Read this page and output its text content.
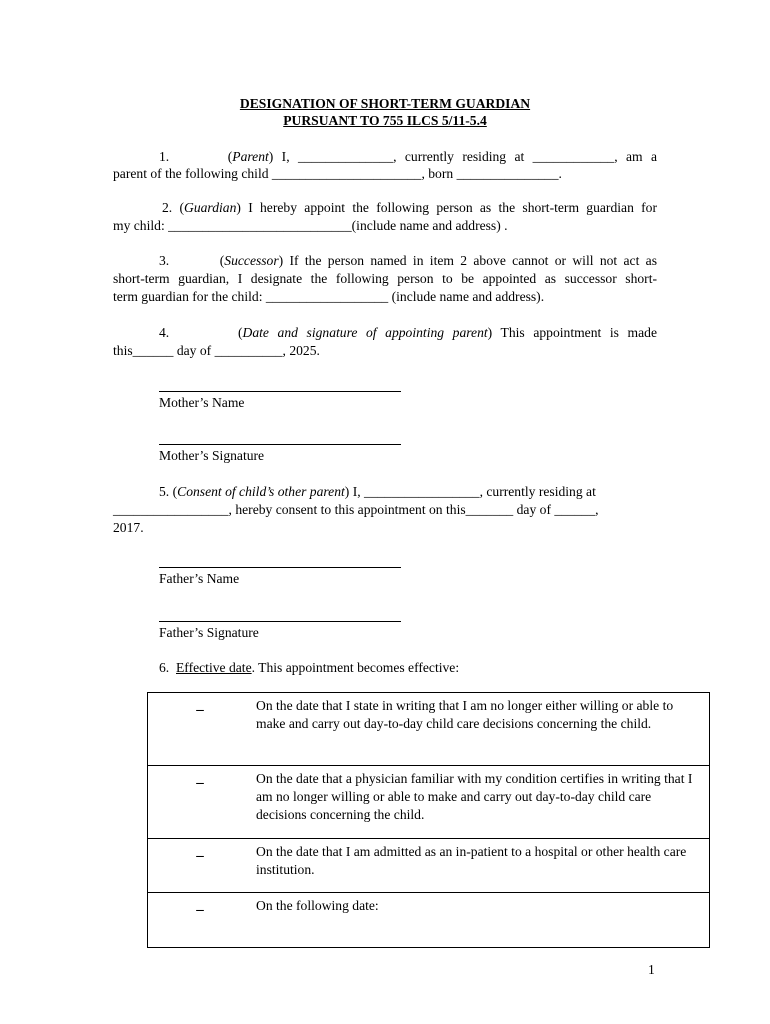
DESIGNATION OF SHORT-TERM GUARDIAN
PURSUANT TO 755 ILCS 5/11-5.4
1.       (Parent) I, ______________, currently residing at ____________, am a
parent of the following child ______________________, born _______________.
2. (Guardian) I hereby appoint the following person as the short-term guardian for
my child: ___________________________(include name and address) .
3.        (Successor) If the person named in item 2 above cannot or will not act as
short-term guardian, I designate the following person to be appointed as successor short-
term guardian for the child: __________________ (include name and address).
4.        (Date and signature of appointing parent) This appointment is made
this______ day of __________, 2025.
Mother’s Name
Mother’s Signature
5. (Consent of child’s other parent) I, _________________, currently residing at
_________________, hereby consent to this appointment on this_______ day of ______,
2017.
Father’s Name
Father’s Signature
6. Effective date. This appointment becomes effective:
–	On the date that I state in writing that I am no longer either willing or able to make and carry out day-to-day child care decisions concerning the child.

–	On the date that a physician familiar with my condition certifies in writing that I am no longer willing or able to make and carry out day-to-day child care decisions concerning the child.

–	On the date that I am admitted as an in-patient to a hospital or other health care institution.

–	On the following date:
1
